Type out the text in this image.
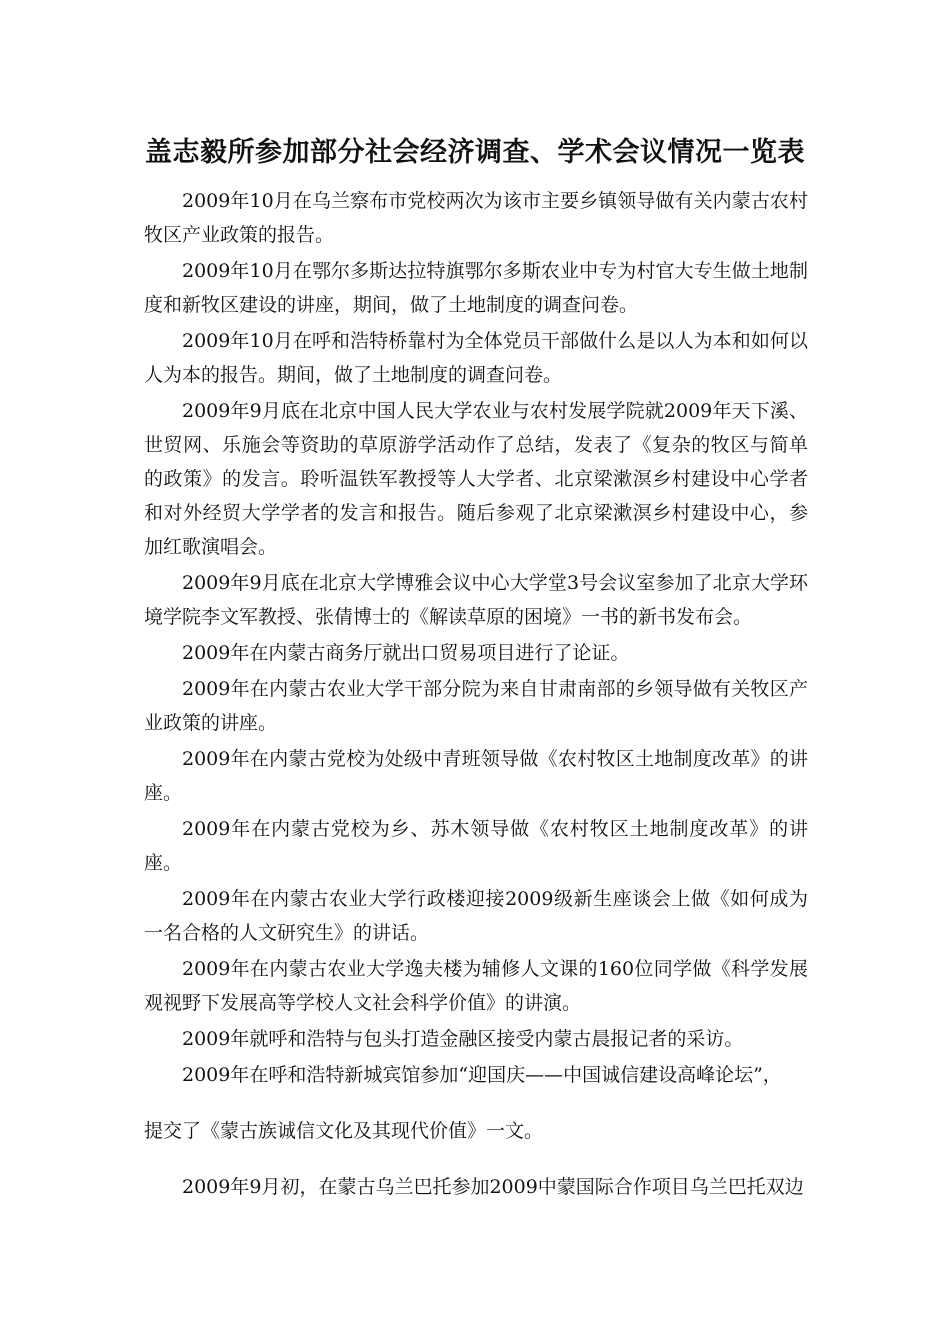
盖志毅所参加部分社会经济调查、学术会议情况一览表

2009年10月在乌兰察布市党校两次为该市主要乡镇领导做有关内蒙古农村牧区产业政策的报告。

2009年10月在鄂尔多斯达拉特旗鄂尔多斯农业中专为村官大专生做土地制度和新牧区建设的讲座，期间，做了土地制度的调查问卷。

2009年10月在呼和浩特桥靠村为全体党员干部做什么是以人为本和如何以人为本的报告。期间，做了土地制度的调查问卷。

2009年9月底在北京中国人民大学农业与农村发展学院就2009年天下溪、世贸网、乐施会等资助的草原游学活动作了总结，发表了《复杂的牧区与简单的政策》的发言。聆听温铁军教授等人大学者、北京梁漱溟乡村建设中心学者和对外经贸大学学者的发言和报告。随后参观了北京梁漱溟乡村建设中心，参加红歌演唱会。

2009年9月底在北京大学博雅会议中心大学堂3号会议室参加了北京大学环境学院李文军教授、张倩博士的《解读草原的困境》一书的新书发布会。

2009年在内蒙古商务厅就出口贸易项目进行了论证。

2009年在内蒙古农业大学干部分院为来自甘肃南部的乡领导做有关牧区产业政策的讲座。

2009年在内蒙古党校为处级中青班领导做《农村牧区土地制度改革》的讲座。

2009年在内蒙古党校为乡、苏木领导做《农村牧区土地制度改革》的讲座。

2009年在内蒙古农业大学行政楼迎接2009级新生座谈会上做《如何成为一名合格的人文研究生》的讲话。

2009年在内蒙古农业大学逸夫楼为辅修人文课的160位同学做《科学发展观视野下发展高等学校人文社会科学价值》的讲演。

2009年就呼和浩特与包头打造金融区接受内蒙古晨报记者的采访。

2009年在呼和浩特新城宾馆参加“迎国庆——中国诚信建设高峰论坛”，

提交了《蒙古族诚信文化及其现代价值》一文。

2009年9月初，在蒙古乌兰巴托参加2009中蒙国际合作项目乌兰巴托双边
